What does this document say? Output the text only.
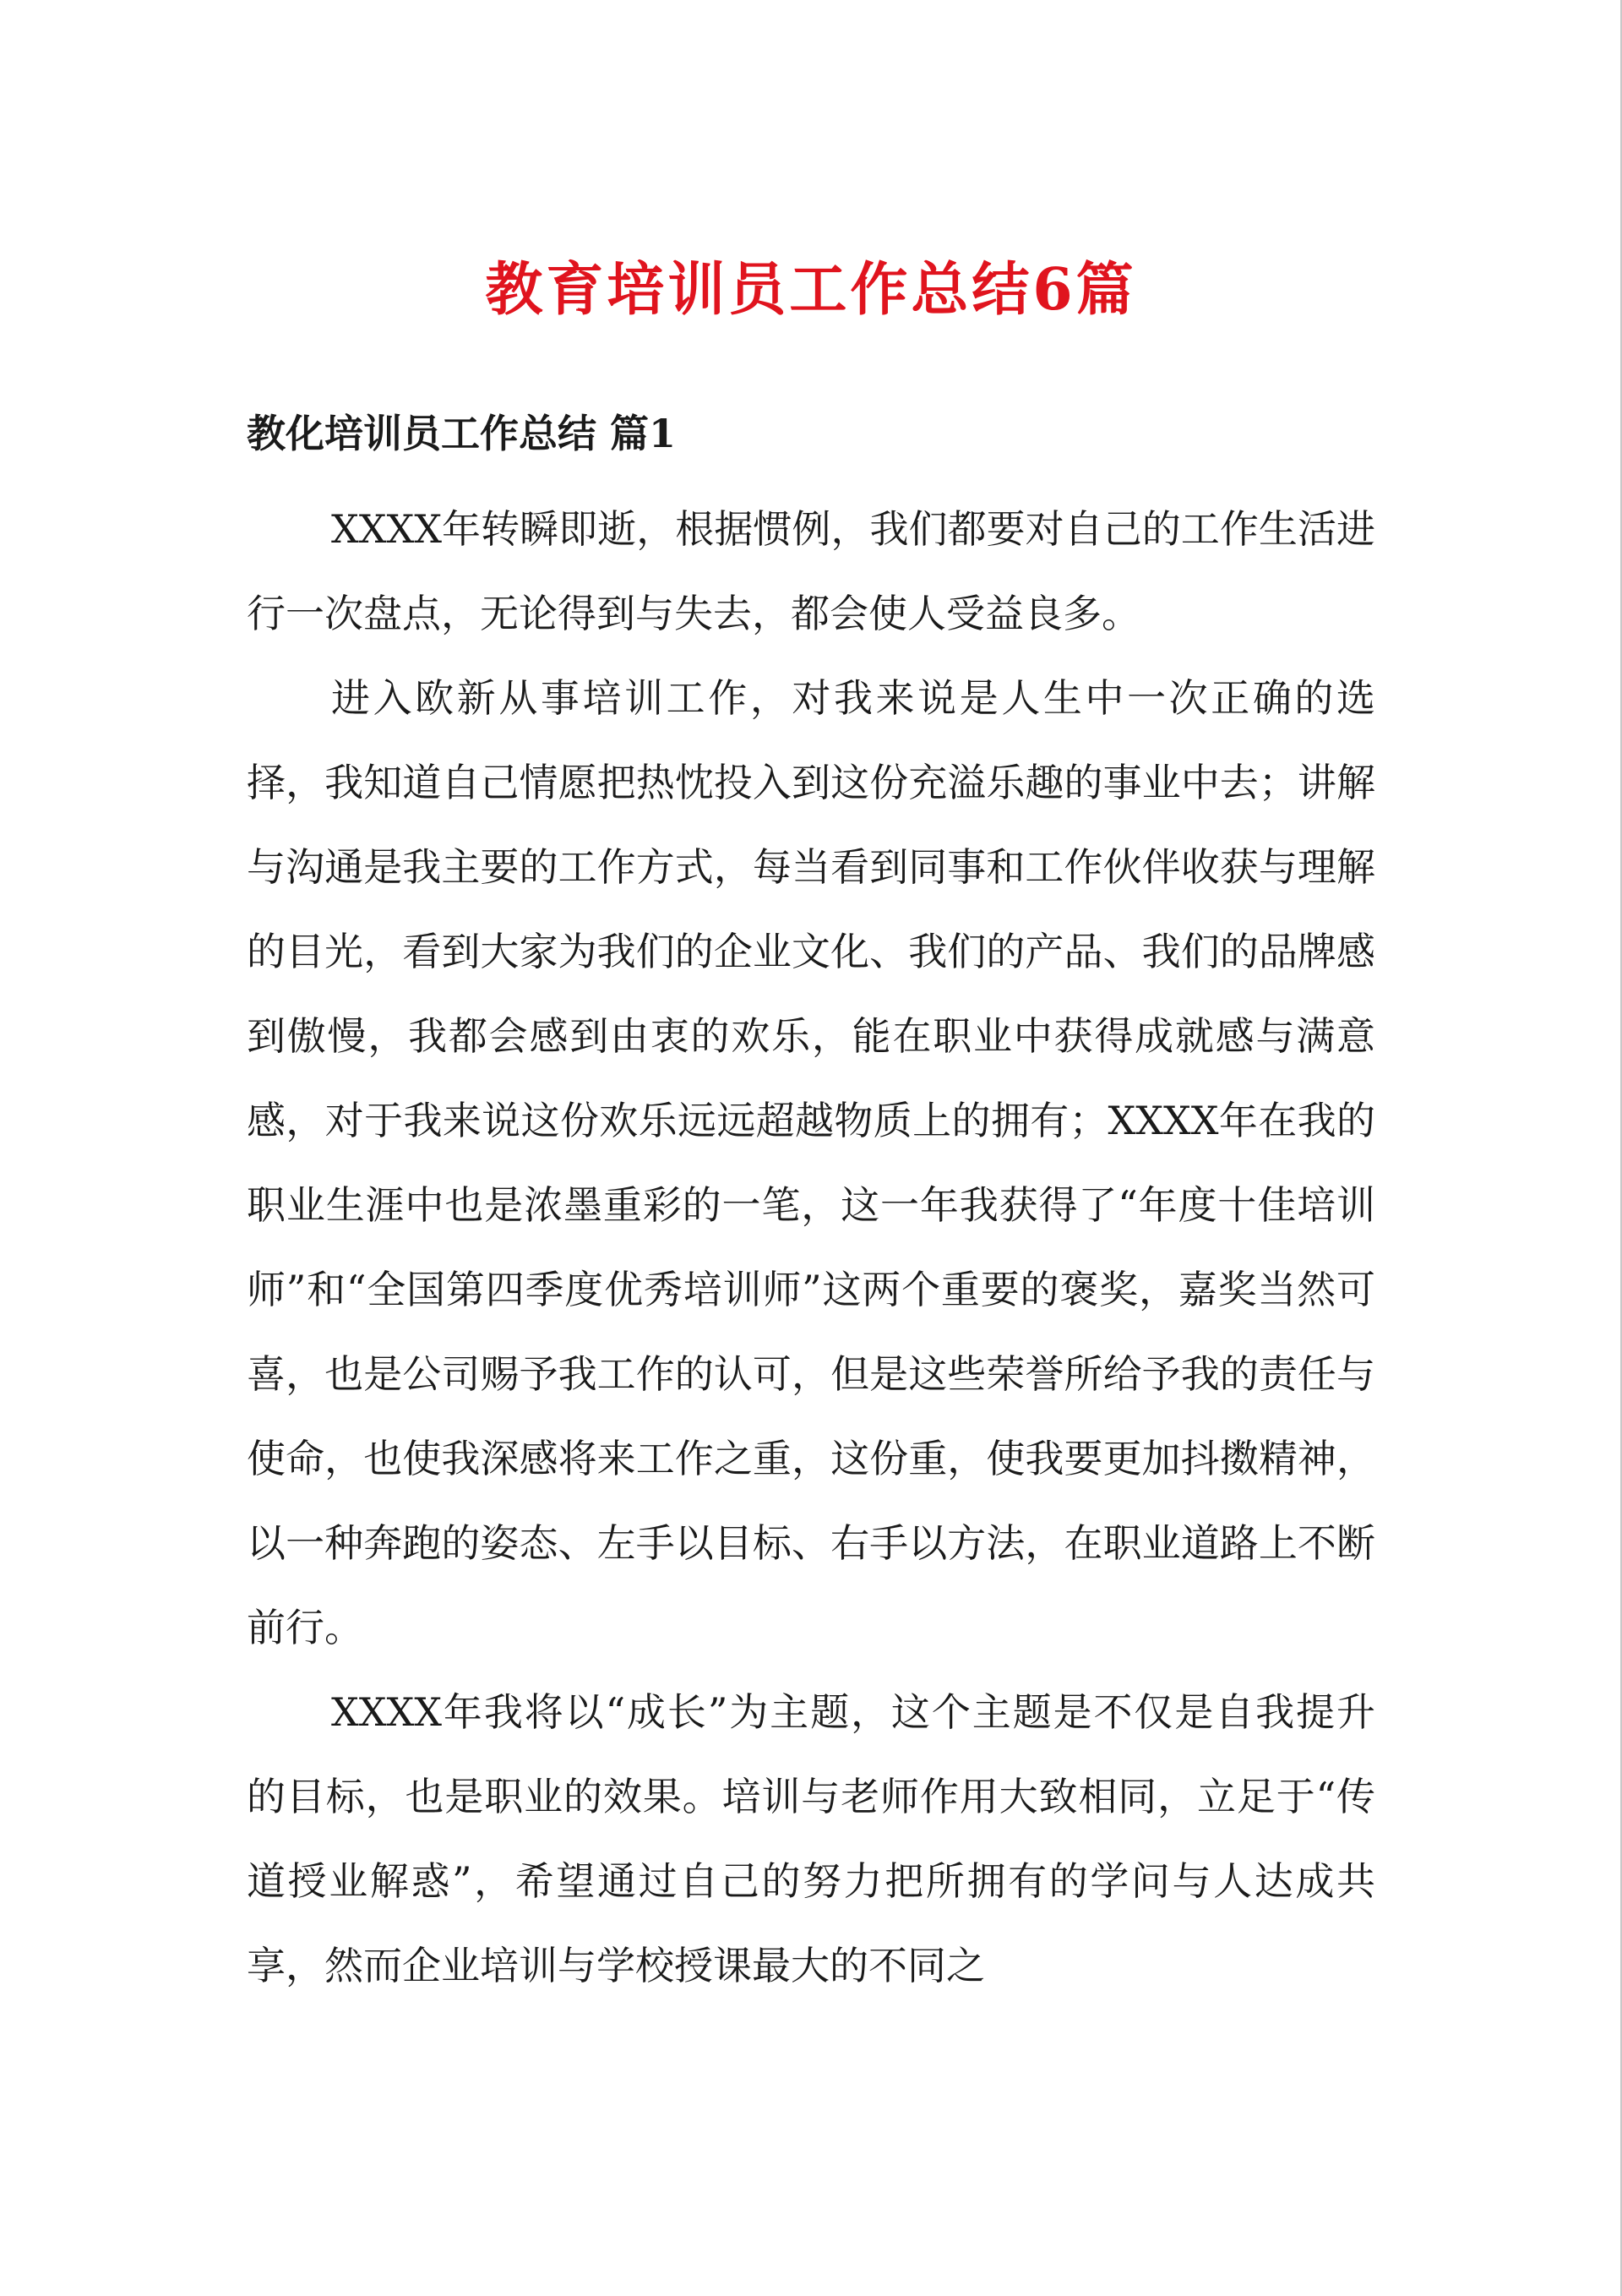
教育培训员工作总结6篇
教化培训员工作总结 篇1

XXXX年转瞬即逝，根据惯例，我们都要对自己的工作生活进行一次盘点，无论得到与失去，都会使人受益良多。

进入欧新从事培训工作，对我来说是人生中一次正确的选择，我知道自己情愿把热忱投入到这份充溢乐趣的事业中去；讲解与沟通是我主要的工作方式，每当看到同事和工作伙伴收获与理解的目光，看到大家为我们的企业文化、我们的产品、我们的品牌感到傲慢，我都会感到由衷的欢乐，能在职业中获得成就感与满意感，对于我来说这份欢乐远远超越物质上的拥有；XXXX年在我的职业生涯中也是浓墨重彩的一笔，这一年我获得了“年度十佳培训师”和“全国第四季度优秀培训师”这两个重要的褒奖，嘉奖当然可喜，也是公司赐予我工作的认可，但是这些荣誉所给予我的责任与使命，也使我深感将来工作之重，这份重，使我要更加抖擞精神，以一种奔跑的姿态、左手以目标、右手以方法，在职业道路上不断前行。

XXXX年我将以“成长”为主题，这个主题是不仅是自我提升的目标，也是职业的效果。培训与老师作用大致相同，立足于“传道授业解惑”，希望通过自己的努力把所拥有的学问与人达成共享，然而企业培训与学校授课最大的不同之
